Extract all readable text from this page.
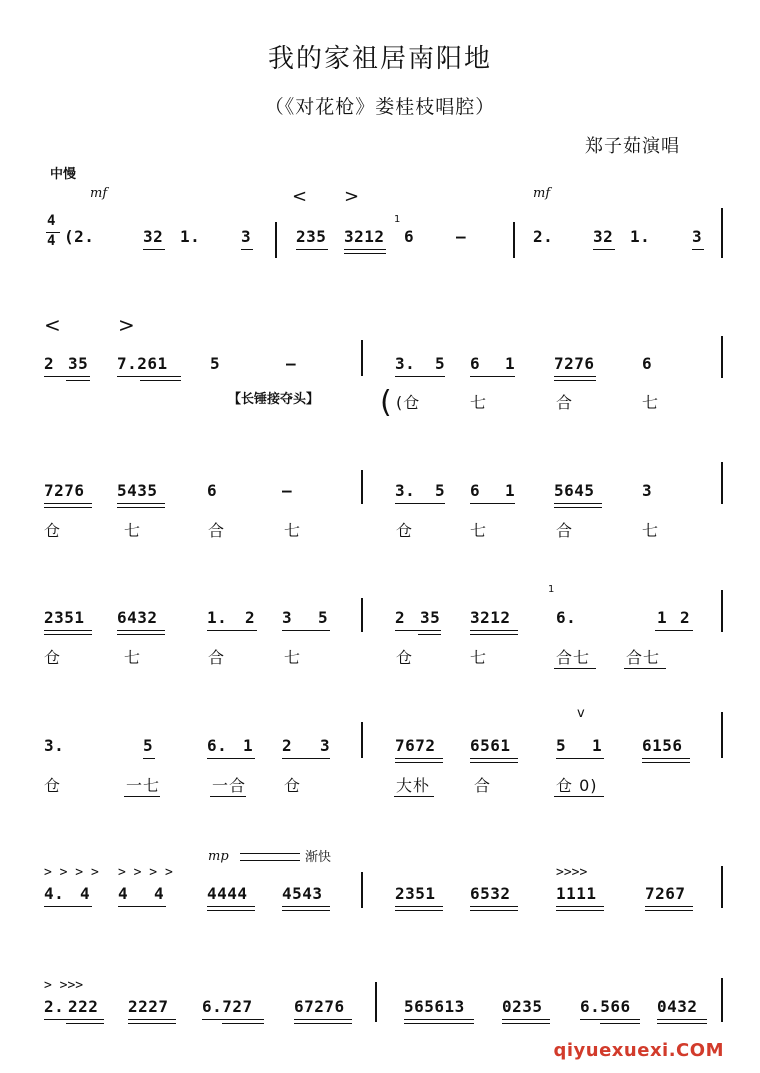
我的家祖居南阳地
（《对花枪》娄桂枝唱腔）
郑子茹演唱
中慢
mf	< >	mf
4
4 (2.	32 1.	3	235 3212
1
6	–	2. 32 1.	3
<	>
2 35 7.261	5	–
【长锤接夺头】
3. 5 6 1 7276	6
( (仓	七	合	七
7276 5435	6	–	3. 5 6 1 5645	3
仓	七	合	七	仓	七	合	七
1
2351 6432	1. 2 3 5	2 35 3212	6.	1 2
仓	七	合	七	仓	七	合七 合七
v
3.	5	6. 1 2 3	7672 6561	5 1 6156
仓	一七	一合 仓	大朴	合	仓 0)
> > > > > > > >
mp	渐快
>>>>
4. 4 4 4	4444 4543	2351 6532	1111	7267
> >>>
2. 222 2227 6.727	67276	565613 0235 6.566 0432
qiyuexuexi.COM
